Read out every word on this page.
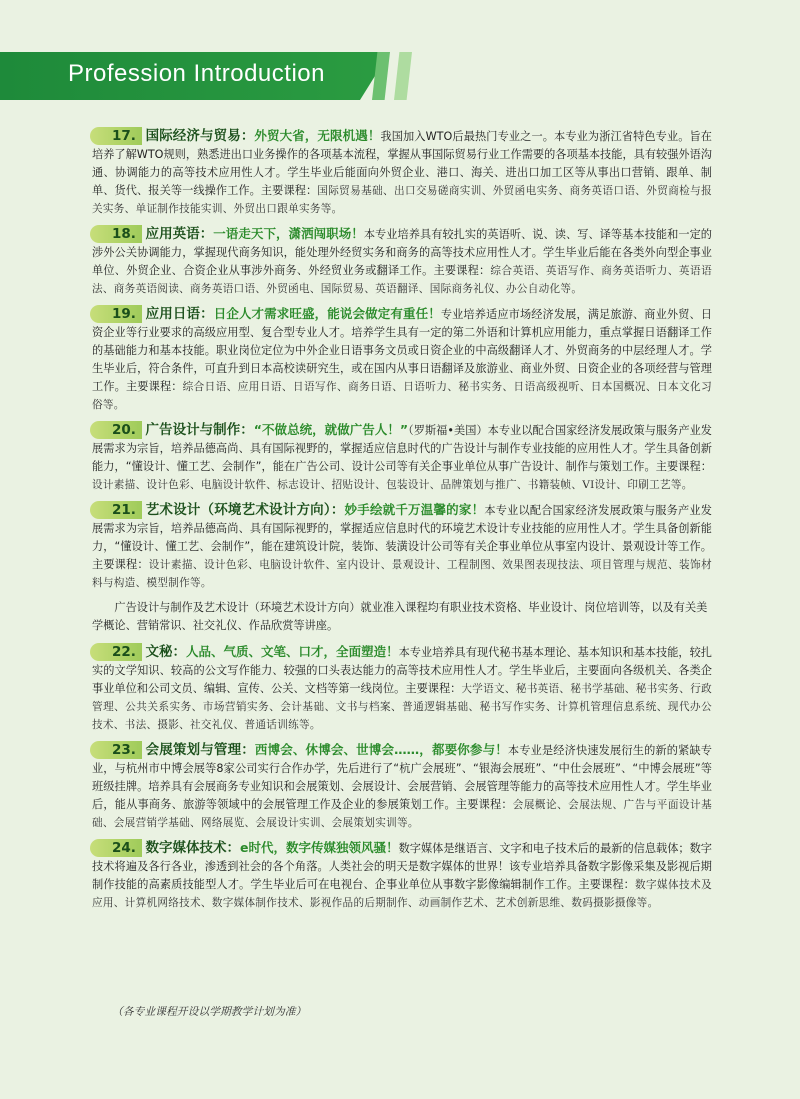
Profession Introduction
17. 国际经济与贸易：外贸大省，无限机遇！我国加入WTO后最热门专业之一。本专业为浙江省特色专业。旨在培养了解WTO规则，熟悉进出口业务操作的各项基本流程，掌握从事国际贸易行业工作需要的各项基本技能，具有较强外语沟通、协调能力的高等技术应用性人才。学生毕业后能面向外贸企业、港口、海关、进出口加工区等从事出口营销、跟单、制单、货代、报关等一线操作工作。主要课程：国际贸易基础、出口交易磋商实训、外贸函电实务、商务英语口语、外贸商检与报关实务、单证制作技能实训、外贸出口跟单实务等。
18. 应用英语：一语走天下，潇洒闯职场！本专业培养具有较扎实的英语听、说、读、写、译等基本技能和一定的涉外公关协调能力，掌握现代商务知识，能处理外经贸实务和商务的高等技术应用性人才。学生毕业后能在各类外向型企事业单位、外贸企业、合资企业从事涉外商务、外经贸业务或翻译工作。主要课程：综合英语、英语写作、商务英语听力、英语语法、商务英语阅读、商务英语口语、外贸函电、国际贸易、英语翻译、国际商务礼仪、办公自动化等。
19. 应用日语：日企人才需求旺盛，能说会做定有重任！专业培养适应市场经济发展，满足旅游、商业外贸、日资企业等行业要求的高级应用型、复合型专业人才。培养学生具有一定的第二外语和计算机应用能力，重点掌握日语翻译工作的基础能力和基本技能。职业岗位定位为中外企业日语事务文员或日资企业的中高级翻译人才、外贸商务的中层经理人才。学生毕业后，符合条件，可直升到日本高校读研究生，或在国内从事日语翻译及旅游业、商业外贸、日资企业的各项经营与管理工作。主要课程：综合日语、应用日语、日语写作、商务日语、日语听力、秘书实务、日语高级视听、日本国概况、日本文化习俗等。
20. 广告设计与制作：“不做总统，就做广告人！”（罗斯福•美国）本专业以配合国家经济发展政策与服务产业发展需求为宗旨，培养品德高尚、具有国际视野的，掌握适应信息时代的广告设计与制作专业技能的应用性人才。学生具备创新能力，“懂设计、懂工艺、会制作”，能在广告公司、设计公司等有关企事业单位从事广告设计、制作与策划工作。主要课程：设计素描、设计色彩、电脑设计软件、标志设计、招贴设计、包装设计、品牌策划与推广、书籍装帧、VI设计、印刷工艺等。
21. 艺术设计（环境艺术设计方向）：妙手绘就千万温馨的家！本专业以配合国家经济发展政策与服务产业发展需求为宗旨，培养品德高尚、具有国际视野的，掌握适应信息时代的环境艺术设计专业技能的应用性人才。学生具备创新能力，“懂设计、懂工艺、会制作”，能在建筑设计院，装饰、装潢设计公司等有关企事业单位从事室内设计、景观设计等工作。主要课程：设计素描、设计色彩、电脑设计软件、室内设计、景观设计、工程制图、效果图表现技法、项目管理与规范、装饰材料与构造、模型制作等。
广告设计与制作及艺术设计（环境艺术设计方向）就业准入课程均有职业技术资格、毕业设计、岗位培训等，以及有关美学概论、营销常识、社交礼仪、作品欣赏等讲座。
22. 文秘：人品、气质、文笔、口才，全面塑造！本专业培养具有现代秘书基本理论、基本知识和基本技能，较扎实的文学知识、较高的公文写作能力、较强的口头表达能力的高等技术应用性人才。学生毕业后，主要面向各级机关、各类企事业单位和公司文员、编辑、宣传、公关、文档等第一线岗位。主要课程：大学语文、秘书英语、秘书学基础、秘书实务、行政管理、公共关系实务、市场营销实务、会计基础、文书与档案、普通逻辑基础、秘书写作实务、计算机管理信息系统、现代办公技术、书法、摄影、社交礼仪、普通话训练等。
23. 会展策划与管理：西博会、休博会、世博会……，都要你参与！本专业是经济快速发展衍生的新的紧缺专业，与杭州市中博会展等8家公司实行合作办学，先后进行了“杭广会展班”、“银海会展班”、“中仕会展班”、“中博会展班”等班级挂牌。培养具有会展商务专业知识和会展策划、会展设计、会展营销、会展管理等能力的高等技术应用性人才。学生毕业后，能从事商务、旅游等领域中的会展管理工作及企业的参展策划工作。主要课程：会展概论、会展法规、广告与平面设计基础、会展营销学基础、网络展览、会展设计实训、会展策划实训等。
24. 数字媒体技术：e时代，数字传媒独领风骚！数字媒体是继语言、文字和电子技术后的最新的信息载体；数字技术将遍及各行各业，渗透到社会的各个角落。人类社会的明天是数字媒体的世界！该专业培养具备数字影像采集及影视后期制作技能的高素质技能型人才。学生毕业后可在电视台、企事业单位从事数字影像编辑制作工作。主要课程：数字媒体技术及应用、计算机网络技术、数字媒体制作技术、影视作品的后期制作、动画制作艺术、艺术创新思维、数码摄影摄像等。
（各专业课程开设以学期教学计划为准）
